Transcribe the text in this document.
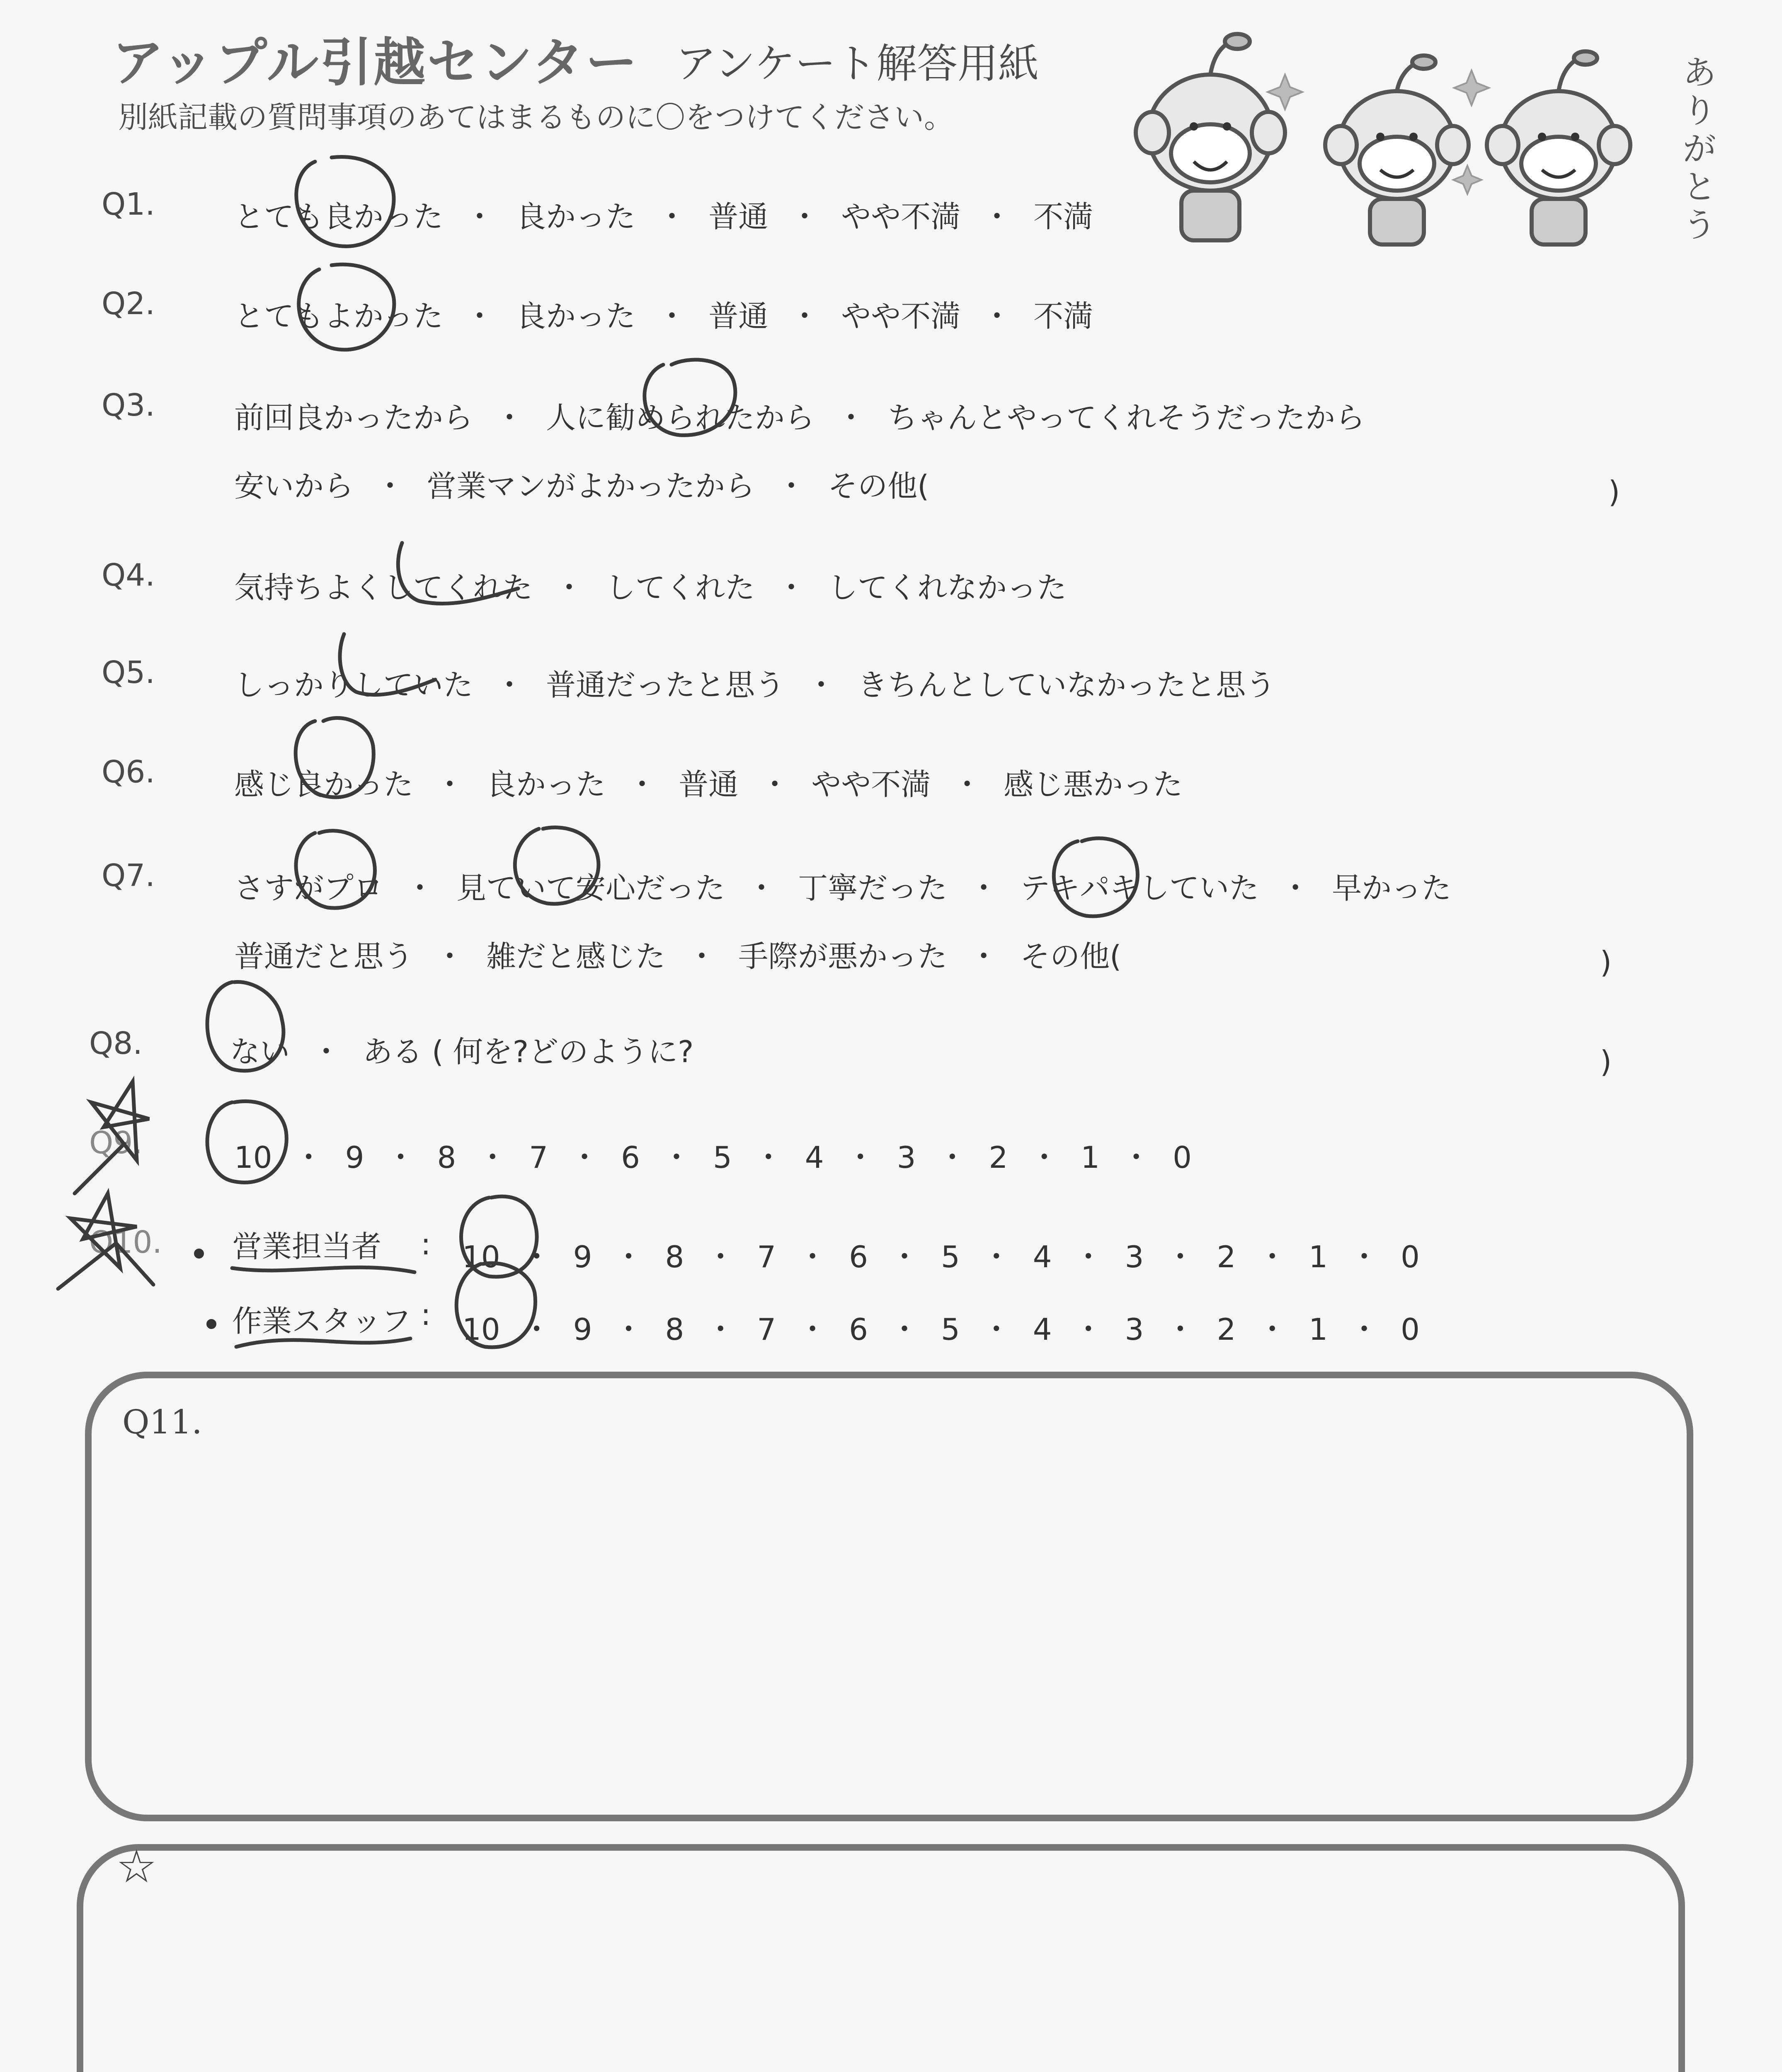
アップル引越センター アンケート解答用紙
別紙記載の質問事項のあてはまるものに〇をつけてください。
ありがとう
Q1.	とても良かった ・ 良かった ・ 普通 ・ やや不満 ・ 不満
Q2.	とてもよかった ・ 良かった ・ 普通 ・ やや不満 ・ 不満
Q3.	前回良かったから ・ 人に勧められたから ・ ちゃんとやってくれそうだったから
安いから ・ 営業マンがよかったから ・ その他(	)
Q4.	気持ちよくしてくれた ・ してくれた ・ してくれなかった
Q5.	しっかりしていた ・ 普通だったと思う ・ きちんとしていなかったと思う
Q6.	感じ良かった ・ 良かった ・ 普通 ・ やや不満 ・ 感じ悪かった
Q7.	さすがプロ ・ 見ていて安心だった ・ 丁寧だった ・ テキパキしていた ・ 早かった
普通だと思う ・ 雑だと感じた ・ 手際が悪かった ・ その他(	)
Q8.	ない ・ ある ( 何を?どのように?	)
Q9.	10 ・ 9 ・ 8 ・ 7 ・ 6 ・ 5 ・ 4 ・ 3 ・ 2 ・ 1 ・ 0
Q10. 営業担当者 : 10 ・ 9 ・ 8 ・ 7 ・ 6 ・ 5 ・ 4 ・ 3 ・ 2 ・ 1 ・ 0
作業スタッフ : 10 ・ 9 ・ 8 ・ 7 ・ 6 ・ 5 ・ 4 ・ 3 ・ 2 ・ 1 ・ 0
Q11.
☆
